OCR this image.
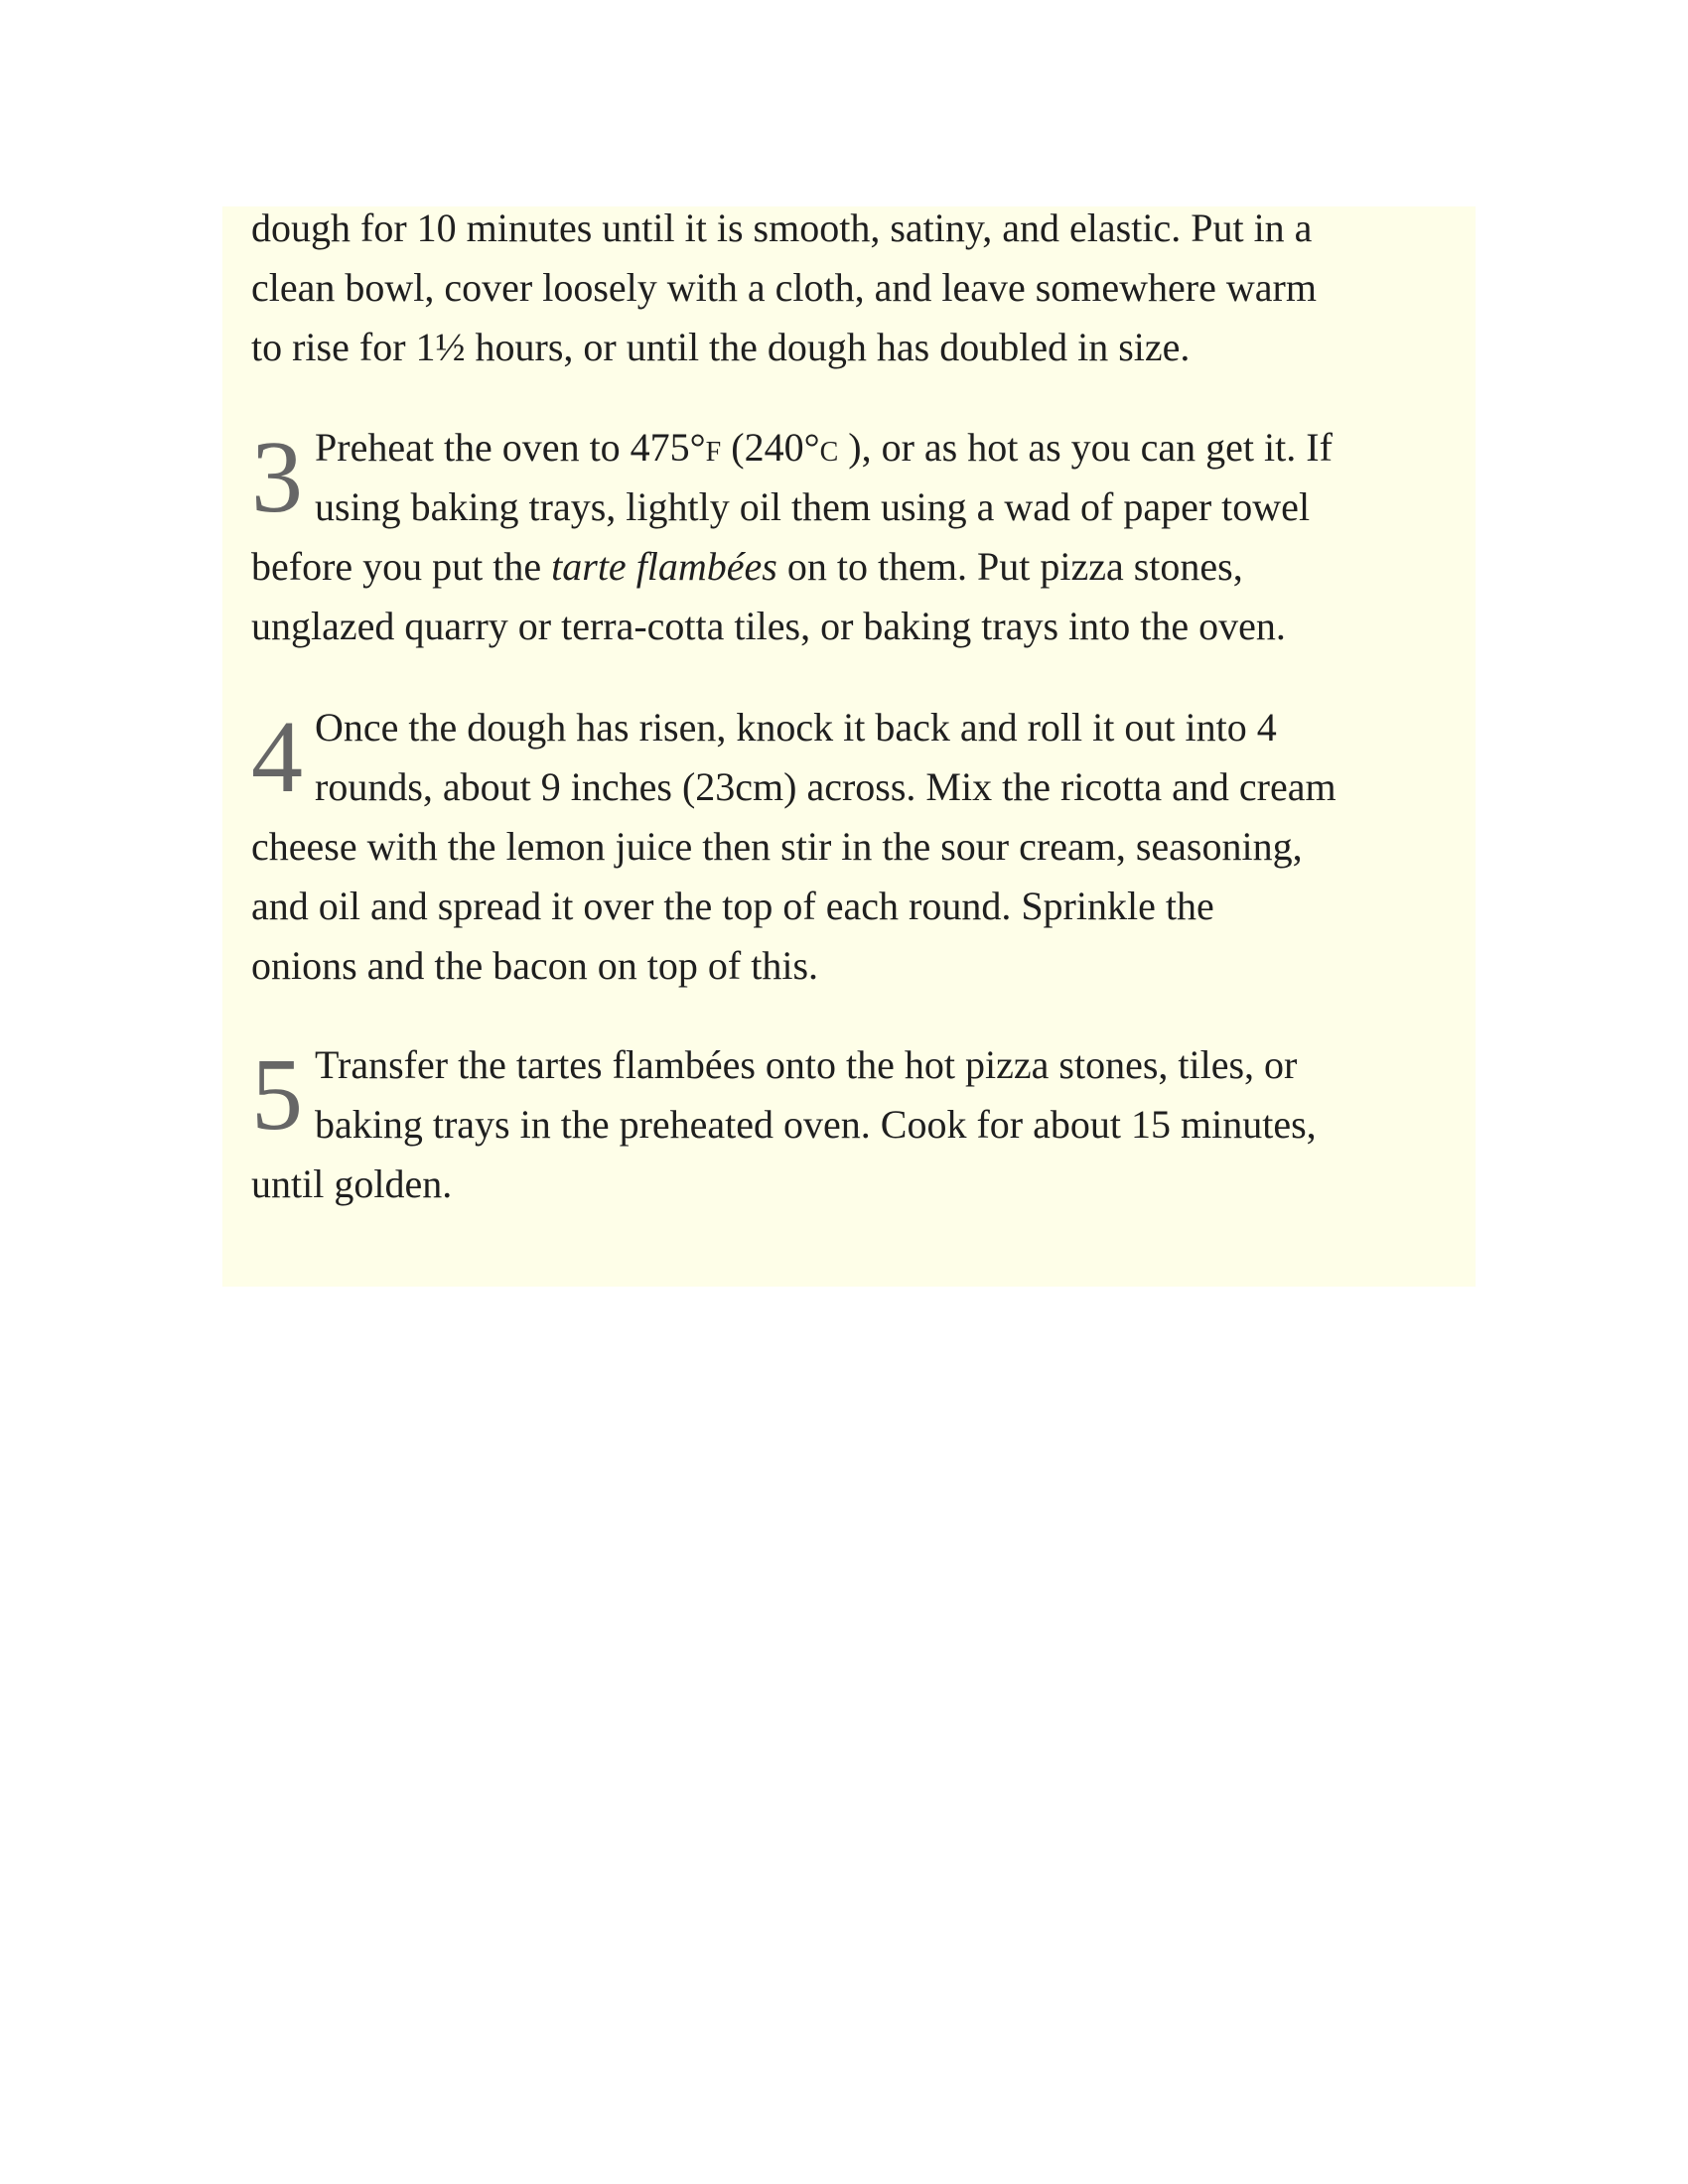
dough for 10 minutes until it is smooth, satiny, and elastic. Put in a
clean bowl, cover loosely with a cloth, and leave somewhere warm
to rise for 1½ hours, or until the dough has doubled in size.
3 Preheat the oven to 475°F (240°C ), or as hot as you can get it. If
using baking trays, lightly oil them using a wad of paper towel
before you put the tarte flambées on to them. Put pizza stones,
unglazed quarry or terra-cotta tiles, or baking trays into the oven.
4 Once the dough has risen, knock it back and roll it out into 4
rounds, about 9 inches (23cm) across. Mix the ricotta and cream
cheese with the lemon juice then stir in the sour cream, seasoning,
and oil and spread it over the top of each round. Sprinkle the
onions and the bacon on top of this.
5 Transfer the tartes flambées onto the hot pizza stones, tiles, or
baking trays in the preheated oven. Cook for about 15 minutes,
until golden.
